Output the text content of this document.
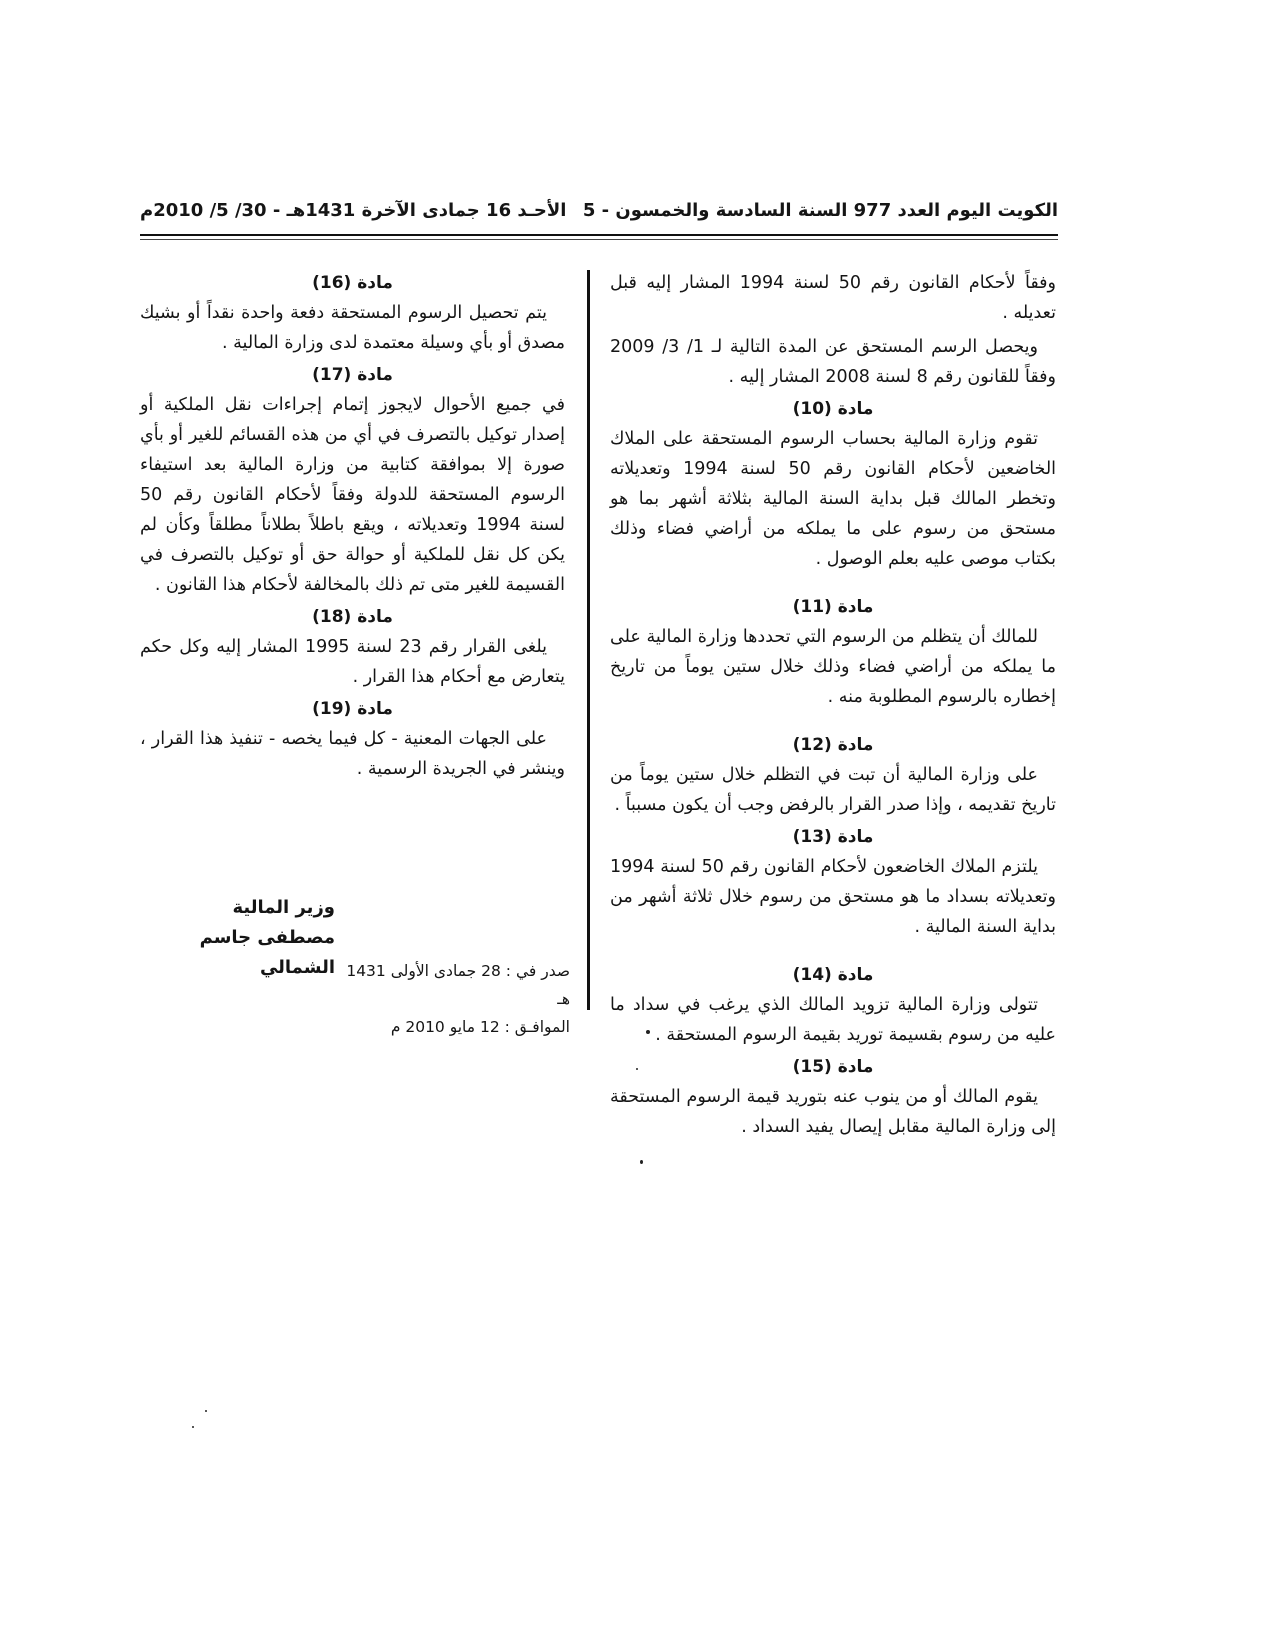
الكويت اليوم العدد 977 السنة السادسة والخمسون - 5
الأحـد 16 جمادى الآخرة 1431هـ - 30/ 5/ 2010م

وفقاً لأحكام القانون رقم 50 لسنة 1994 المشار إليه قبل تعديله .

ويحصل الرسم المستحق عن المدة التالية لـ 1/ 3/ 2009 وفقاً للقانون رقم 8 لسنة 2008 المشار إليه .

مادة (10)

تقوم وزارة المالية بحساب الرسوم المستحقة على الملاك الخاضعين لأحكام القانون رقم 50 لسنة 1994 وتعديلاته وتخطر المالك قبل بداية السنة المالية بثلاثة أشهر بما هو مستحق من رسوم على ما يملكه من أراضي فضاء وذلك بكتاب موصى عليه بعلم الوصول .

مادة (11)

للمالك أن يتظلم من الرسوم التي تحددها وزارة المالية على ما يملكه من أراضي فضاء وذلك خلال ستين يوماً من تاريخ إخطاره بالرسوم المطلوبة منه .

مادة (12)

على وزارة المالية أن تبت في التظلم خلال ستين يوماً من تاريخ تقديمه ، وإذا صدر القرار بالرفض وجب أن يكون مسبباً .

مادة (13)

يلتزم الملاك الخاضعون لأحكام القانون رقم 50 لسنة 1994 وتعديلاته بسداد ما هو مستحق من رسوم خلال ثلاثة أشهر من بداية السنة المالية .

مادة (14)

تتولى وزارة المالية تزويد المالك الذي يرغب في سداد ما عليه من رسوم بقسيمة توريد بقيمة الرسوم المستحقة .

مادة (15)

يقوم المالك أو من ينوب عنه بتوريد قيمة الرسوم المستحقة إلى وزارة المالية مقابل إيصال يفيد السداد .

مادة (16)

يتم تحصيل الرسوم المستحقة دفعة واحدة نقداً أو بشيك مصدق أو بأي وسيلة معتمدة لدى وزارة المالية .

مادة (17)

في جميع الأحوال لايجوز إتمام إجراءات نقل الملكية أو إصدار توكيل بالتصرف في أي من هذه القسائم للغير أو بأي صورة إلا بموافقة كتابية من وزارة المالية بعد استيفاء الرسوم المستحقة للدولة وفقاً لأحكام القانون رقم 50 لسنة 1994 وتعديلاته ، ويقع باطلاً بطلاناً مطلقاً وكأن لم يكن كل نقل للملكية أو حوالة حق أو توكيل بالتصرف في القسيمة للغير متى تم ذلك بالمخالفة لأحكام هذا القانون .

مادة (18)

يلغى القرار رقم 23 لسنة 1995 المشار إليه وكل حكم يتعارض مع أحكام هذا القرار .

مادة (19)

على الجهات المعنية - كل فيما يخصه - تنفيذ هذا القرار ، وينشر في الجريدة الرسمية .

وزير المالية
مصطفى جاسم الشمالي صدر في : 28 جمادى الأولى 1431 هـ
الموافـق : 12 مايو 2010 م
